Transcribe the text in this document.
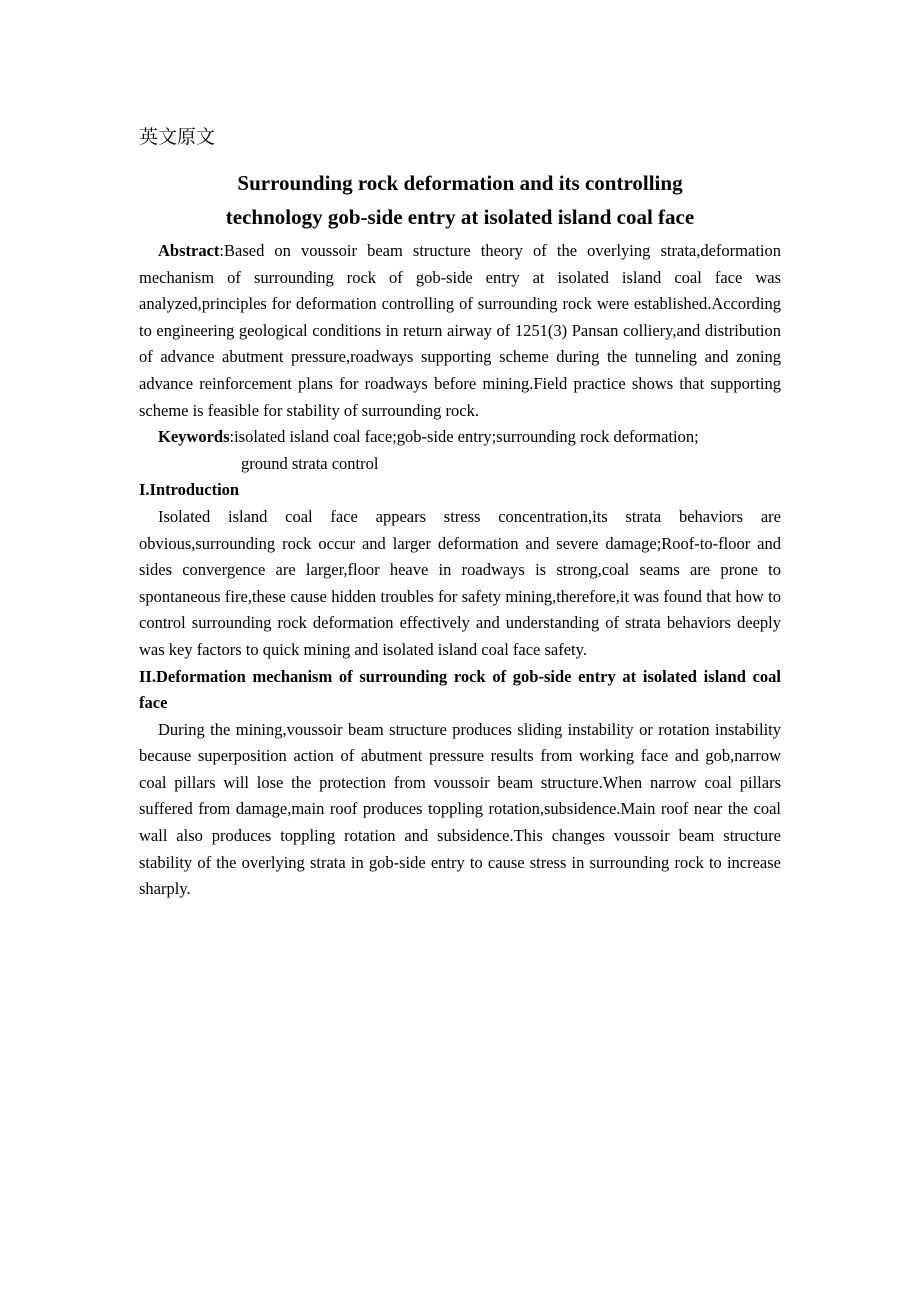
英文原文
Surrounding rock deformation and its controlling
technology gob-side entry at isolated island coal face

Abstract:Based on voussoir beam structure theory of the overlying strata,deformation mechanism of surrounding rock of gob-side entry at isolated island coal face was analyzed,principles for deformation controlling of surrounding rock were established.According to engineering geological conditions in return airway of 1251(3) Pansan colliery,and distribution of advance abutment pressure,roadways supporting scheme during the tunneling and zoning advance reinforcement plans for roadways before mining.Field practice shows that supporting scheme is feasible for stability of surrounding rock.

Keywords:isolated island coal face;gob-side entry;surrounding rock deformation;
ground strata control
I.Introduction

Isolated island coal face appears stress concentration,its strata behaviors are obvious,surrounding rock occur and larger deformation and severe damage;Roof-to-floor and sides convergence are larger,floor heave in roadways is strong,coal seams are prone to spontaneous fire,these cause hidden troubles for safety mining,therefore,it was found that how to control surrounding rock deformation effectively and understanding of strata behaviors deeply was key factors to quick mining and isolated island coal face safety.

II.Deformation mechanism of surrounding rock of gob-side entry at isolated island coal face

During the mining,voussoir beam structure produces sliding instability or rotation instability because superposition action of abutment pressure results from working face and gob,narrow coal pillars will lose the protection from voussoir beam structure.When narrow coal pillars suffered from damage,main roof produces toppling rotation,subsidence.Main roof near the coal wall also produces toppling rotation and subsidence.This changes voussoir beam structure stability of the overlying strata in gob-side entry to cause stress in surrounding rock to increase sharply.
